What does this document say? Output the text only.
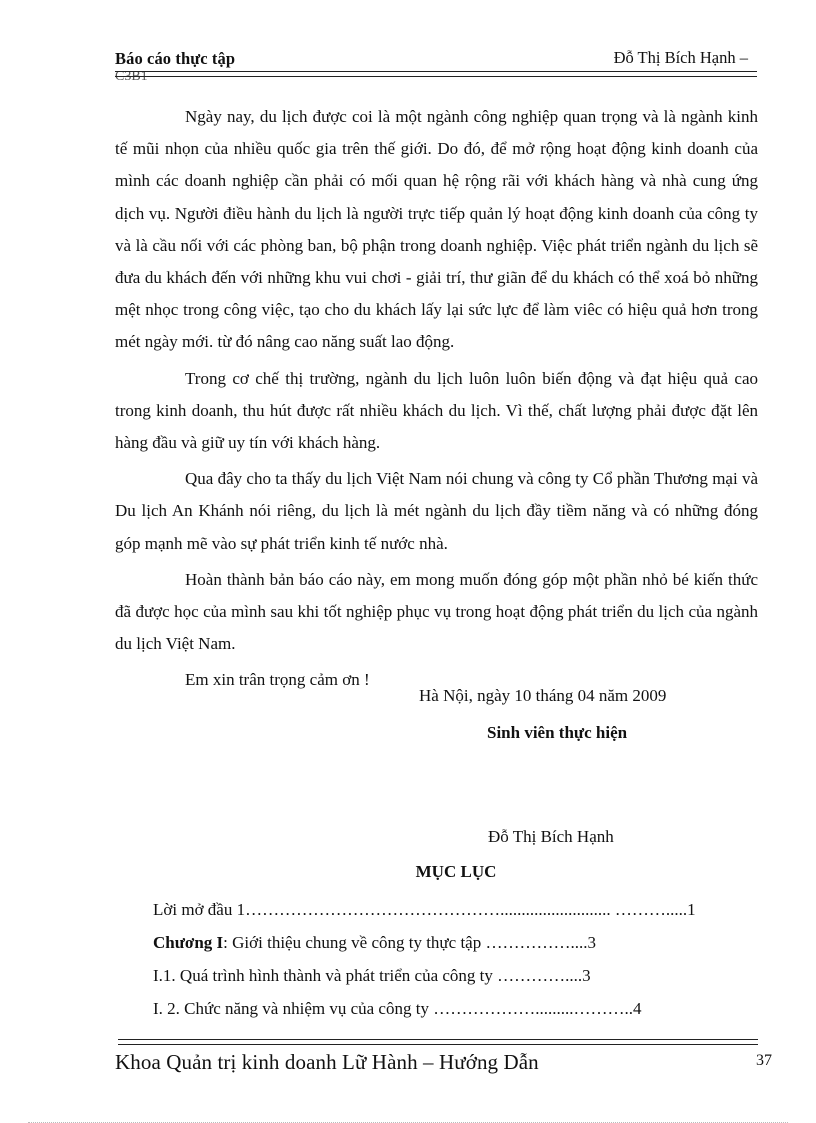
Báo cáo thực tập	Đỗ Thị Bích Hạnh –
C3B1

Ngày nay, du lịch được coi là một ngành công nghiệp quan trọng và là ngành kinh tế mũi nhọn của nhiều quốc gia trên thế giới. Do đó, để mở rộng hoạt động kinh doanh của mình các doanh nghiệp cần phải có mối quan hệ rộng rãi với khách hàng và nhà cung ứng dịch vụ. Người điều hành du lịch là người trực tiếp quản lý hoạt động kinh doanh của công ty và là cầu nối với các phòng ban, bộ phận trong doanh nghiệp. Việc phát triển ngành du lịch sẽ đưa du khách đến với những khu vui chơi - giải trí, thư giãn để du khách có thể xoá bỏ những mệt nhọc trong công việc, tạo cho du khách lấy lại sức lực để làm viêc có hiệu quả hơn trong mét ngày mới. từ đó nâng cao năng suất lao động.

Trong cơ chế thị trường, ngành du lịch luôn luôn biến động và đạt hiệu quả cao trong kinh doanh, thu hút được rất nhiều khách du lịch. Vì thế, chất lượng phải được đặt lên hàng đầu và giữ uy tín với khách hàng.

Qua đây cho ta thấy du lịch Việt Nam nói chung và công ty Cổ phần Thương mại và Du lịch An Khánh nói riêng, du lịch là mét ngành du lịch đầy tiềm năng và có những đóng góp mạnh mẽ vào sự phát triển kinh tế nước nhà.

Hoàn thành bản báo cáo này, em mong muốn đóng góp một phần nhỏ bé kiến thức đã được học của mình sau khi tốt nghiệp phục vụ trong hoạt động phát triển du lịch của ngành du lịch Việt Nam.

Em xin trân trọng cảm ơn !

Hà Nội, ngày 10 tháng 04 năm 2009
Sinh viên thực hiện
Đỗ Thị Bích Hạnh
MỤC LỤC
Lời mở đầu 1……………………………………….......................... ……….....1
Chương I: Giới thiệu chung về công ty thực tập ……………....3
I.1. Quá trình hình thành và phát triển của công ty …………....3
I. 2. Chức năng và nhiệm vụ của công ty ……………….........………..4
Khoa Quản trị kinh doanh Lữ Hành – Hướng Dẫn	37
